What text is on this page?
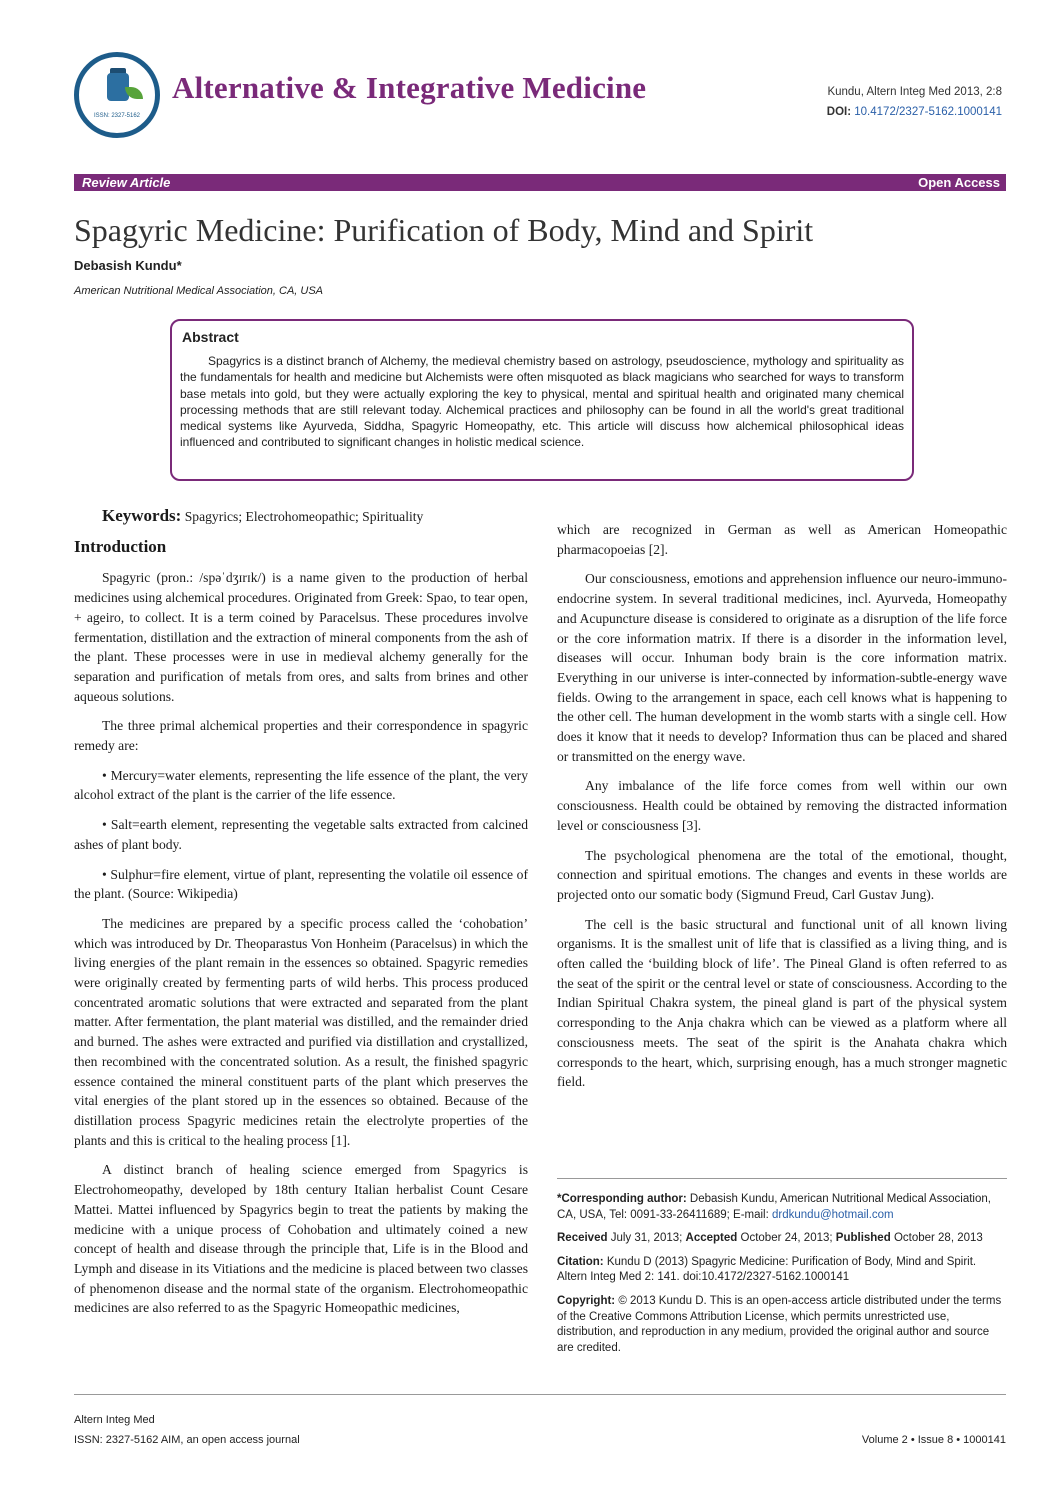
ISSN: 2327-5162
Alternative & Integrative Medicine	Kundu, Altern Integ Med 2013, 2:8
DOI: 10.4172/2327-5162.1000141
Review Article	Open Access
Spagyric Medicine: Purification of Body, Mind and Spirit
Debasish Kundu*
American Nutritional Medical Association, CA, USA
Abstract
Spagyrics is a distinct branch of Alchemy, the medieval chemistry based on astrology, pseudoscience, mythology and spirituality as the fundamentals for health and medicine but Alchemists were often misquoted as black magicians who searched for ways to transform base metals into gold, but they were actually exploring the key to physical, mental and spiritual health and originated many chemical processing methods that are still relevant today. Alchemical practices and philosophy can be found in all the world's great traditional medical systems like Ayurveda, Siddha, Spagyric Homeopathy, etc. This article will discuss how alchemical philosophical ideas influenced and contributed to significant changes in holistic medical science.

Keywords: Spagyrics; Electrohomeopathic; Spirituality

Introduction

Spagyric (pron.: /spəˈdʒɪrɪk/) is a name given to the production of herbal medicines using alchemical procedures. Originated from Greek: Spao, to tear open, + ageiro, to collect. It is a term coined by Paracelsus. These procedures involve fermentation, distillation and the extraction of mineral components from the ash of the plant. These processes were in use in medieval alchemy generally for the separation and purification of metals from ores, and salts from brines and other aqueous solutions.

The three primal alchemical properties and their correspondence in spagyric remedy are:

• Mercury=water elements, representing the life essence of the plant, the very alcohol extract of the plant is the carrier of the life essence.

• Salt=earth element, representing the vegetable salts extracted from calcined ashes of plant body.

• Sulphur=fire element, virtue of plant, representing the volatile oil essence of the plant. (Source: Wikipedia)

The medicines are prepared by a specific process called the ‘cohobation’ which was introduced by Dr. Theoparastus Von Honheim (Paracelsus) in which the living energies of the plant remain in the essences so obtained. Spagyric remedies were originally created by fermenting parts of wild herbs. This process produced concentrated aromatic solutions that were extracted and separated from the plant matter. After fermentation, the plant material was distilled, and the remainder dried and burned. The ashes were extracted and purified via distillation and crystallized, then recombined with the concentrated solution. As a result, the finished spagyric essence contained the mineral constituent parts of the plant which preserves the vital energies of the plant stored up in the essences so obtained. Because of the distillation process Spagyric medicines retain the electrolyte properties of the plants and this is critical to the healing process [1].

A distinct branch of healing science emerged from Spagyrics is Electrohomeopathy, developed by 18th century Italian herbalist Count Cesare Mattei. Mattei influenced by Spagyrics begin to treat the patients by making the medicine with a unique process of Cohobation and ultimately coined a new concept of health and disease through the principle that, Life is in the Blood and Lymph and disease in its Vitiations and the medicine is placed between two classes of phenomenon disease and the normal state of the organism. Electrohomeopathic medicines are also referred to as the Spagyric Homeopathic medicines,

which are recognized in German as well as American Homeopathic pharmacopoeias [2].

Our consciousness, emotions and apprehension influence our neuro-immuno-endocrine system. In several traditional medicines, incl. Ayurveda, Homeopathy and Acupuncture disease is considered to originate as a disruption of the life force or the core information matrix. If there is a disorder in the information level, diseases will occur. Inhuman body brain is the core information matrix. Everything in our universe is inter-connected by information-subtle-energy wave fields. Owing to the arrangement in space, each cell knows what is happening to the other cell. The human development in the womb starts with a single cell. How does it know that it needs to develop? Information thus can be placed and shared or transmitted on the energy wave.

Any imbalance of the life force comes from well within our own consciousness. Health could be obtained by removing the distracted information level or consciousness [3].

The psychological phenomena are the total of the emotional, thought, connection and spiritual emotions. The changes and events in these worlds are projected onto our somatic body (Sigmund Freud, Carl Gustav Jung).

The cell is the basic structural and functional unit of all known living organisms. It is the smallest unit of life that is classified as a living thing, and is often called the ‘building block of life’. The Pineal Gland is often referred to as the seat of the spirit or the central level or state of consciousness. According to the Indian Spiritual Chakra system, the pineal gland is part of the physical system corresponding to the Anja chakra which can be viewed as a platform where all consciousness meets. The seat of the spirit is the Anahata chakra which corresponds to the heart, which, surprising enough, has a much stronger magnetic field.

*Corresponding author: Debasish Kundu, American Nutritional Medical Association, CA, USA, Tel: 0091-33-26411689; E-mail: drdkundu@hotmail.com

Received July 31, 2013; Accepted October 24, 2013; Published October 28, 2013

Citation: Kundu D (2013) Spagyric Medicine: Purification of Body, Mind and Spirit. Altern Integ Med 2: 141. doi:10.4172/2327-5162.1000141

Copyright: © 2013 Kundu D. This is an open-access article distributed under the terms of the Creative Commons Attribution License, which permits unrestricted use, distribution, and reproduction in any medium, provided the original author and source are credited.

Altern Integ Med
ISSN: 2327-5162 AIM, an open access journal	Volume 2 • Issue 8 • 1000141
